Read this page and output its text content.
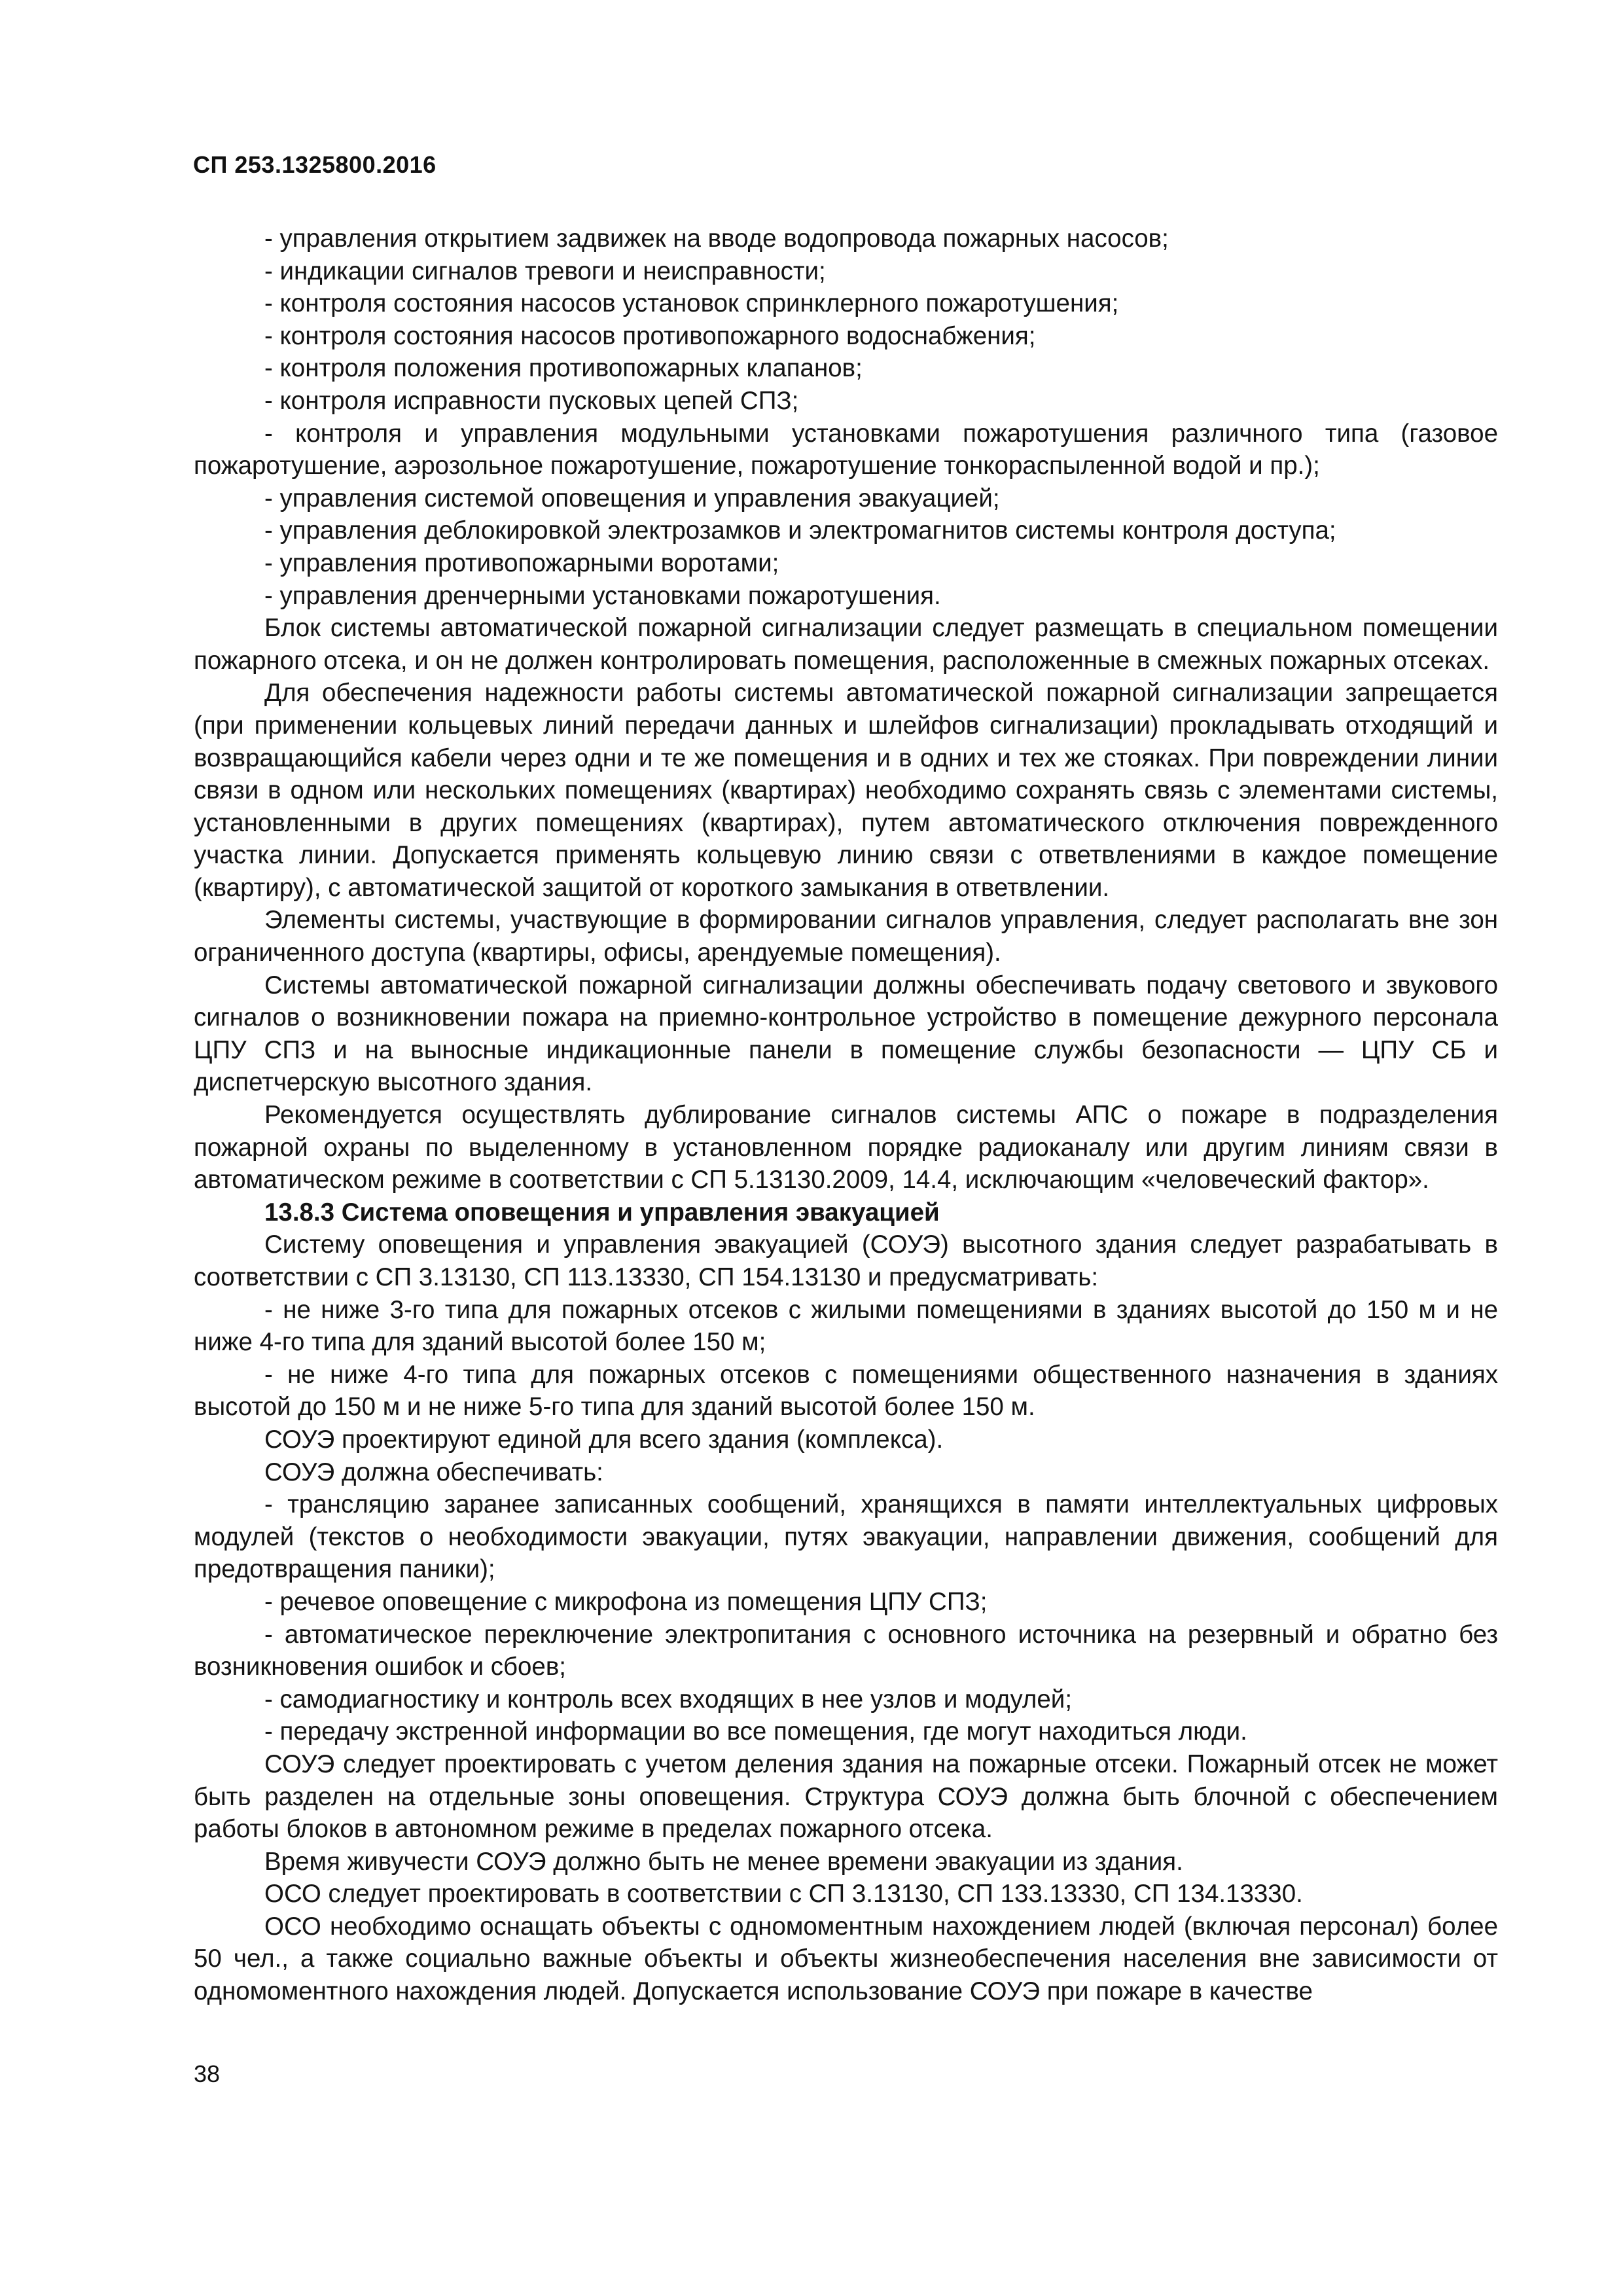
СП 253.1325800.2016

- управления открытием задвижек на вводе водопровода пожарных насосов;

- индикации сигналов тревоги и неисправности;

- контроля состояния насосов установок спринклерного пожаротушения;

- контроля состояния насосов противопожарного водоснабжения;

- контроля положения противопожарных клапанов;

- контроля исправности пусковых цепей СПЗ;

- контроля и управления модульными установками пожаротушения различного типа (газовое пожаротушение, аэрозольное пожаротушение, пожаротушение тонкораспыленной водой и пр.);

- управления системой оповещения и управления эвакуацией;

- управления деблокировкой электрозамков и электромагнитов системы контроля доступа;

- управления противопожарными воротами;

- управления дренчерными установками пожаротушения.

Блок системы автоматической пожарной сигнализации следует размещать в специальном помещении пожарного отсека, и он не должен контролировать помещения, расположенные в смежных пожарных отсеках.

Для обеспечения надежности работы системы автоматической пожарной сигнализации запрещается (при применении кольцевых линий передачи данных и шлейфов сигнализации) прокладывать отходящий и возвращающийся кабели через одни и те же помещения и в одних и тех же стояках. При повреждении линии связи в одном или нескольких помещениях (квартирах) необходимо сохранять связь с элементами системы, установленными в других помещениях (квартирах), путем автоматического отключения поврежденного участка линии. Допускается применять кольцевую линию связи с ответвлениями в каждое помещение (квартиру), с автоматической защитой от короткого замыкания в ответвлении.

Элементы системы, участвующие в формировании сигналов управления, следует располагать вне зон ограниченного доступа (квартиры, офисы, арендуемые помещения).

Системы автоматической пожарной сигнализации должны обеспечивать подачу светового и звукового сигналов о возникновении пожара на приемно-контрольное устройство в помещение дежурного персонала ЦПУ СПЗ и на выносные индикационные панели в помещение службы безопасности — ЦПУ СБ и диспетчерскую высотного здания.

Рекомендуется осуществлять дублирование сигналов системы АПС о пожаре в подразделения пожарной охраны по выделенному в установленном порядке радиоканалу или другим линиям связи в автоматическом режиме в соответствии с СП 5.13130.2009, 14.4, исключающим «человеческий фактор».

13.8.3 Система оповещения и управления эвакуацией

Систему оповещения и управления эвакуацией (СОУЭ) высотного здания следует разрабатывать в соответствии с СП 3.13130, СП 113.13330, СП 154.13130 и предусматривать:

- не ниже 3-го типа для пожарных отсеков с жилыми помещениями в зданиях высотой до 150 м и не ниже 4-го типа для зданий высотой более 150 м;

- не ниже 4-го типа для пожарных отсеков с помещениями общественного назначения в зданиях высотой до 150 м и не ниже 5-го типа для зданий высотой более 150 м.

СОУЭ проектируют единой для всего здания (комплекса).

СОУЭ должна обеспечивать:

- трансляцию заранее записанных сообщений, хранящихся в памяти интеллектуальных цифровых модулей (текстов о необходимости эвакуации, путях эвакуации, направлении движения, сообщений для предотвращения паники);

- речевое оповещение с микрофона из помещения ЦПУ СПЗ;

- автоматическое переключение электропитания с основного источника на резервный и обратно без возникновения ошибок и сбоев;

- самодиагностику и контроль всех входящих в нее узлов и модулей;

- передачу экстренной информации во все помещения, где могут находиться люди.

СОУЭ следует проектировать с учетом деления здания на пожарные отсеки. Пожарный отсек не может быть разделен на отдельные зоны оповещения. Структура СОУЭ должна быть блочной с обеспечением работы блоков в автономном режиме в пределах пожарного отсека.

Время живучести СОУЭ должно быть не менее времени эвакуации из здания.

ОСО следует проектировать в соответствии с СП 3.13130, СП 133.13330, СП 134.13330.

ОСО необходимо оснащать объекты с одномоментным нахождением людей (включая персонал) более 50 чел., а также социально важные объекты и объекты жизнеобеспечения населения вне зависимости от одномоментного нахождения людей. Допускается использование СОУЭ при пожаре в качестве

38
